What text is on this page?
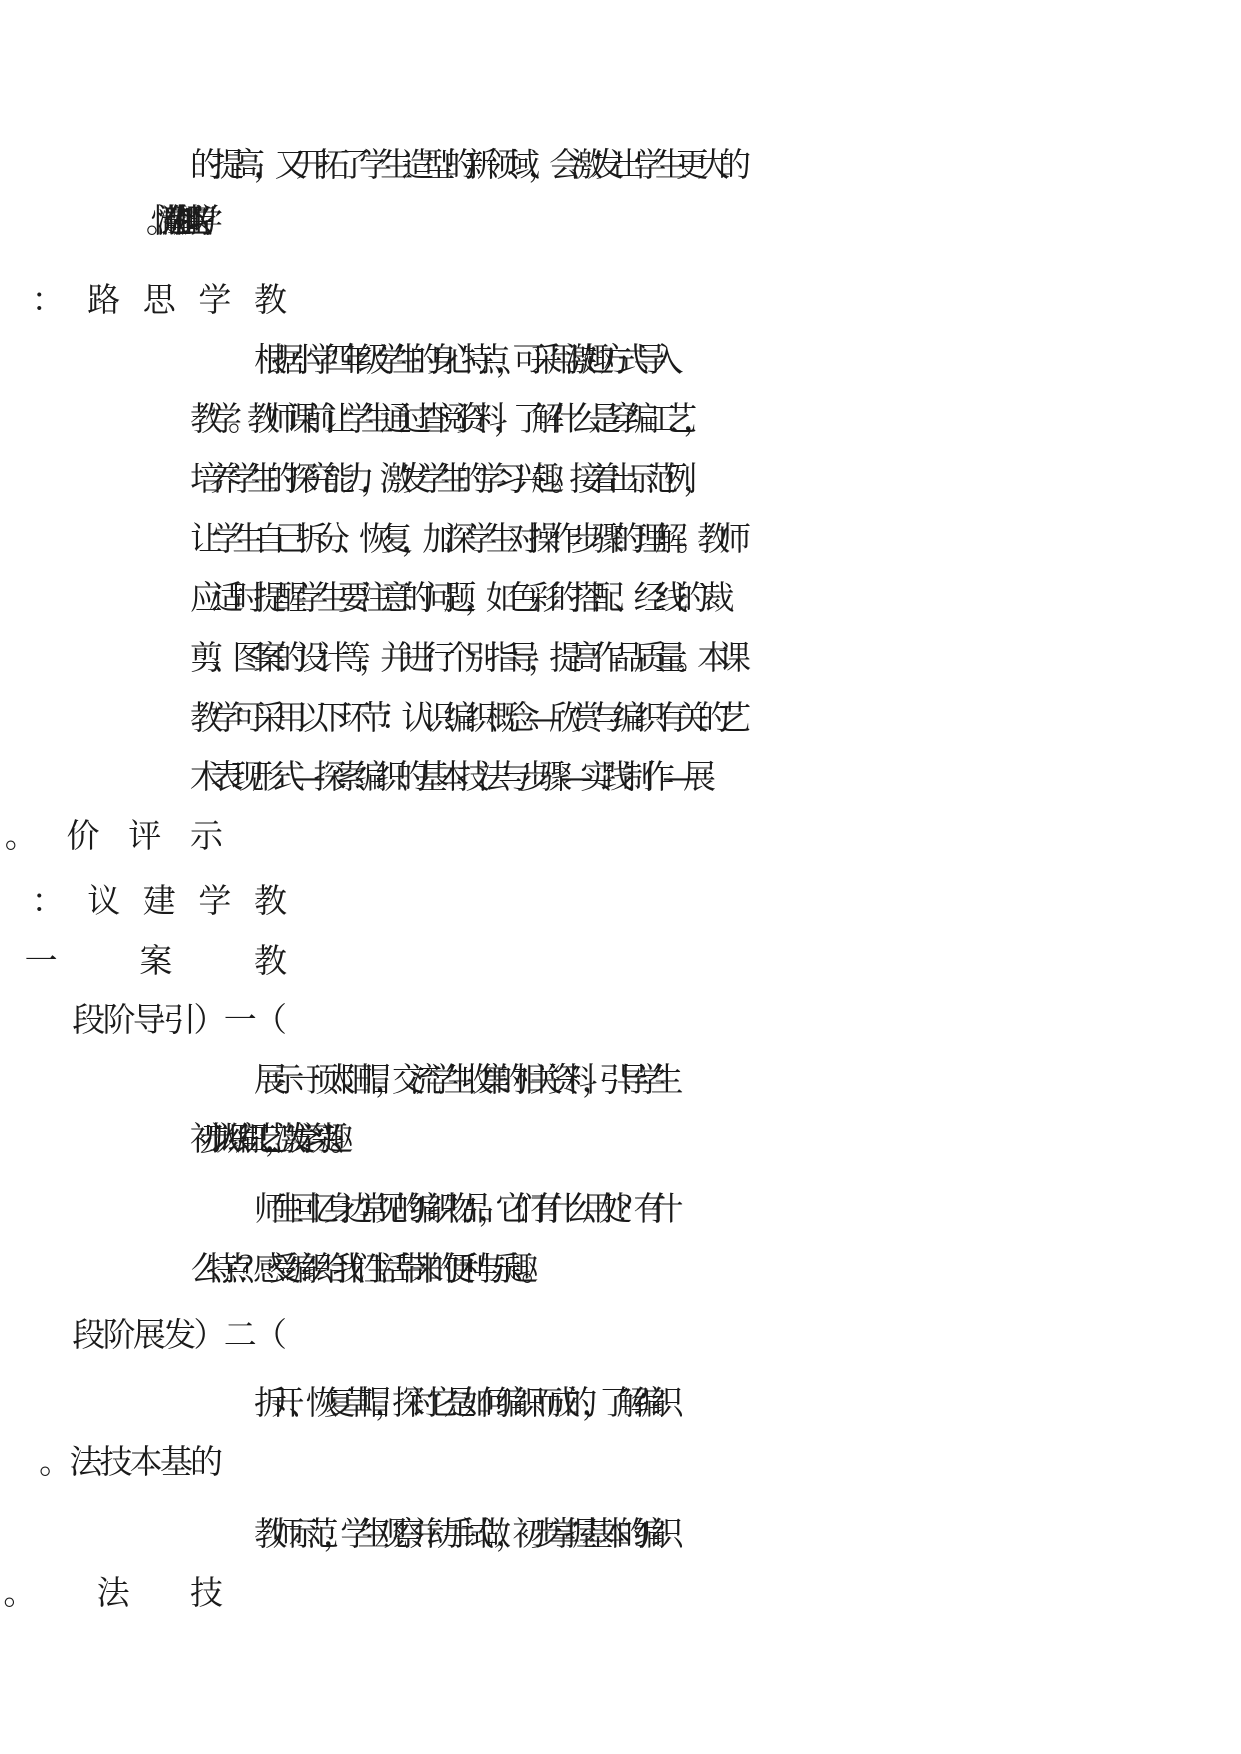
的提高，又开拓了学生造型的新领域，会激发出学生更大的
根据小学四年级学生的身心特点，可采用激趣方式导入
教学。教师课前让学生通过查阅资料，了解什么是穿编工艺，
培养学生的探究能力，激发学生的学习兴趣。接着出示范例，
让学生自己拆分、恢复，加深学生对操作步骤的理解。教师
应适时提醒学生要注意的问题，如色彩的搭配、经线的`裁
剪、图案的设计等，并进行个别指导，提高作品质量。本课
教学可采用以下环节：认识编织概念—欣赏与编织有关的艺
术表现形式—探索编织的基本技法与步骤—实践制作—展
展示一顶太阳帽，交流学生收集的相关资料，引导学生
初步认识编织工艺，激发学习兴趣。
师生回忆身边常见的编织物品，它们有什么用处？有什
么特点？感受编织给我们生活带来的便利与乐趣。
拆开、恢复草帽，探讨它是如何编织而成的，了解编织
教师示范，学生观察并动手试做，初步掌握基本的编织
